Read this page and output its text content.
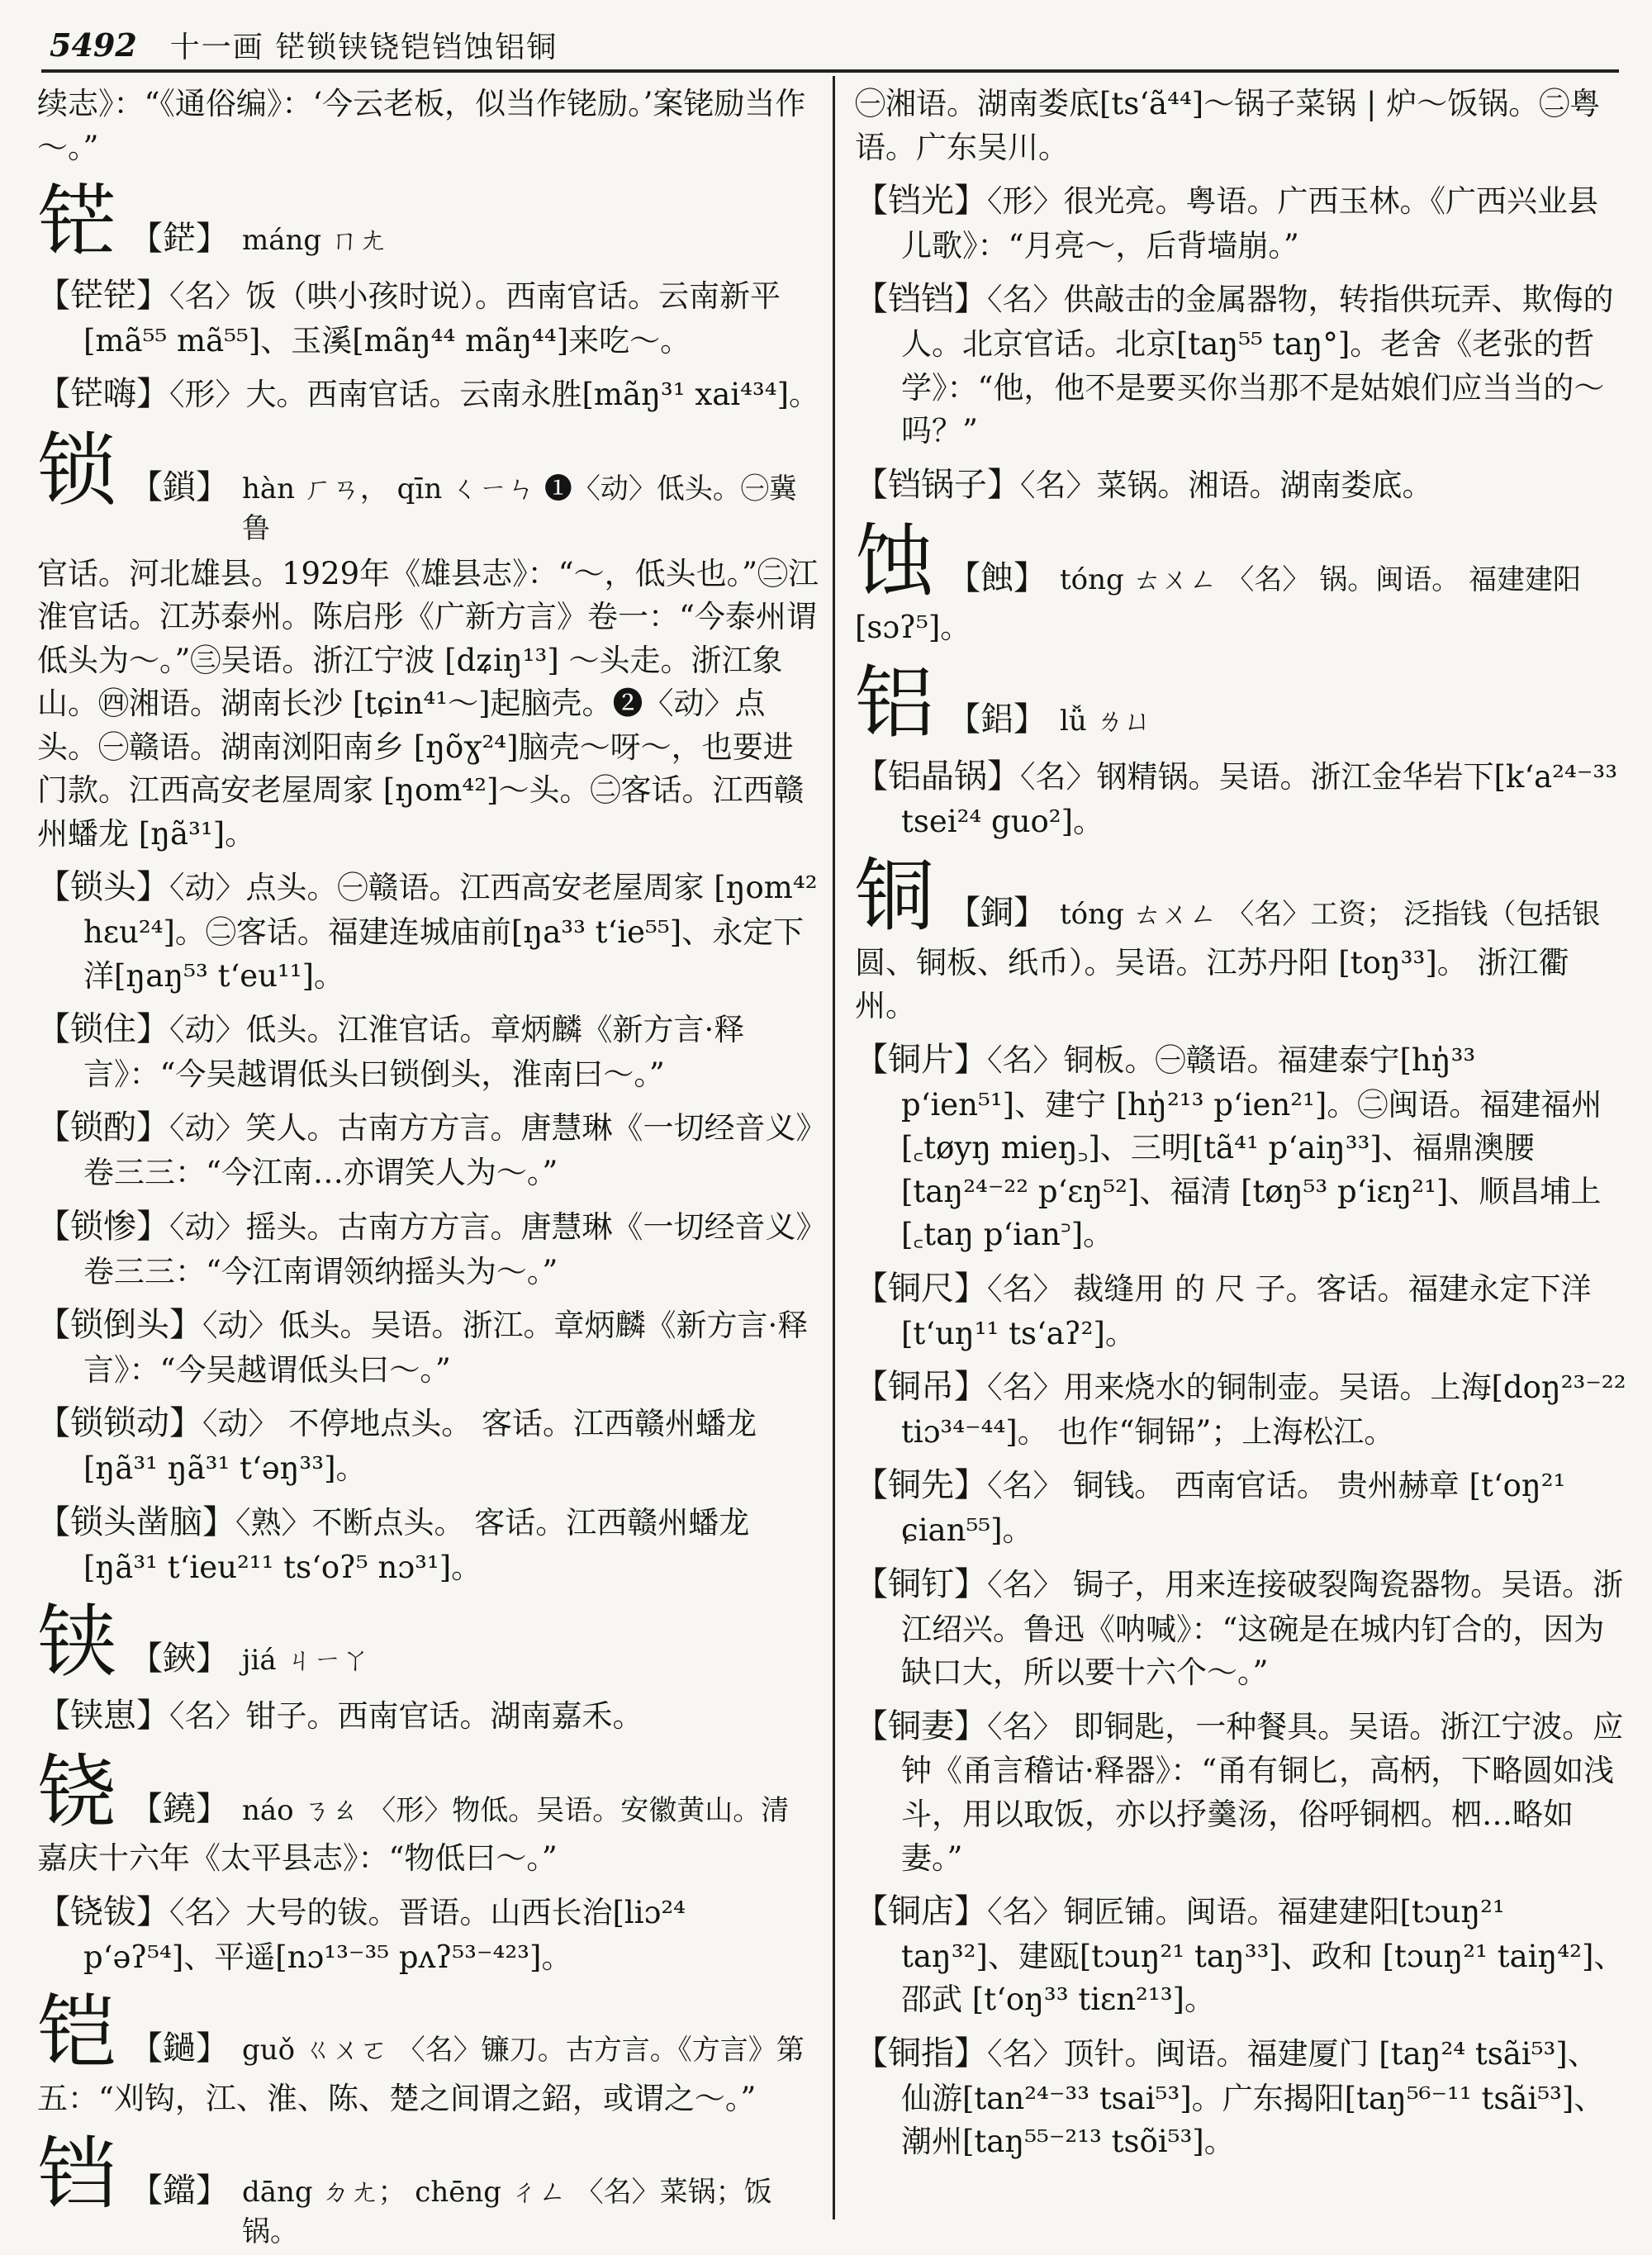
5492 十一画 铓锁铗铙铠铛蚀铝铜

续志》：“《通俗编》：‘今云老板，似当作铑励。’案铑励当作～。”

铓 【鋩】 máng ㄇㄤ

【铓铓】〈名〉饭（哄小孩时说）。西南官话。云南新平[mã⁵⁵ mã⁵⁵]、玉溪[mãŋ⁴⁴ mãŋ⁴⁴]来吃～。

【铓嗨】〈形〉大。西南官话。云南永胜[mãŋ³¹ xai⁴³⁴]。

锁 【鎖】 hàn ㄏㄢ， qīn ㄑㄧㄣ ❶〈动〉低头。㊀冀鲁

官话。河北雄县。1929年《雄县志》：“～，低头也。”㊁江淮官话。江苏泰州。陈启彤《广新方言》卷一：“今泰州谓低头为～。”㊂吴语。浙江宁波 [dʑiŋ¹³] ～头走。浙江象山。㊃湘语。湖南长沙 [tɕin⁴¹～]起脑壳。❷〈动〉点头。㊀赣语。湖南浏阳南乡 [ŋõɣ²⁴]脑壳～呀～，也要进门款。江西高安老屋周家 [ŋom⁴²]～头。㊁客话。江西赣州蟠龙 [ŋã³¹]。

【锁头】〈动〉点头。㊀赣语。江西高安老屋周家 [ŋom⁴² hɛu²⁴]。㊁客话。福建连城庙前[ŋa³³ t‘ie⁵⁵]、永定下洋[ŋaŋ⁵³ t‘eu¹¹]。

【锁住】〈动〉低头。江淮官话。章炳麟《新方言·释言》：“今吴越谓低头曰锁倒头，淮南曰～。”

【锁酌】〈动〉笑人。古南方方言。唐慧琳《一切经音义》卷三三：“今江南…亦谓笑人为～。”

【锁惨】〈动〉摇头。古南方方言。唐慧琳《一切经音义》卷三三：“今江南谓领纳摇头为～。”

【锁倒头】〈动〉低头。吴语。浙江。章炳麟《新方言·释言》：“今吴越谓低头曰～。”

【锁锁动】〈动〉 不停地点头。 客话。江西赣州蟠龙 [ŋã³¹ ŋã³¹ t‘əŋ³³]。

【锁头凿脑】〈熟〉不断点头。 客话。江西赣州蟠龙 [ŋã³¹ t‘ieu²¹¹ ts‘oʔ⁵ nɔ³¹]。

铗 【鋏】 jiá ㄐㄧㄚ

【铗崽】〈名〉钳子。西南官话。湖南嘉禾。

铙 【鐃】 náo ㄋㄠ 〈形〉物低。吴语。安徽黄山。清

嘉庆十六年《太平县志》：“物低曰～。”

【铙钹】〈名〉大号的钹。晋语。山西长治[liɔ²⁴ p‘əʔ⁵⁴]、平遥[nɔ¹³⁻³⁵ pʌʔ⁵³⁻⁴²³]。

铠 【鐹】 guǒ ㄍㄨㄛ 〈名〉镰刀。古方言。《方言》第

五：“刈钩，江、淮、陈、楚之间谓之鉊，或谓之～。”

铛 【鐺】 dāng ㄉㄤ； chēng ㄔㄥ 〈名〉菜锅；饭锅。

㊀湘语。湖南娄底[ts‘ã⁴⁴]～锅子菜锅 | 炉～饭锅。㊁粤语。广东吴川。

【铛光】〈形〉很光亮。粤语。广西玉林。《广西兴业县儿歌》：“月亮～，后背墙崩。”

【铛铛】〈名〉供敲击的金属器物，转指供玩弄、欺侮的人。北京官话。北京[taŋ⁵⁵ taŋ°]。老舍《老张的哲学》：“他，他不是要买你当那不是姑娘们应当当的～吗？”

【铛锅子】〈名〉菜锅。湘语。湖南娄底。

蚀 【蝕】 tóng ㄊㄨㄥ 〈名〉 锅。闽语。 福建建阳

[sɔʔ⁵]。

铝 【鋁】 lǚ ㄌㄩ

【铝晶锅】〈名〉钢精锅。吴语。浙江金华岩下[k‘a²⁴⁻³³ tsei²⁴ guo²]。

铜 【銅】 tóng ㄊㄨㄥ 〈名〉工资； 泛指钱（包括银

圆、铜板、纸币）。吴语。江苏丹阳 [toŋ³³]。 浙江衢州。

【铜片】〈名〉铜板。㊀赣语。福建泰宁[hŋ̍³³ p‘ien⁵¹]、建宁 [hŋ̍²¹³ p‘ien²¹]。㊁闽语。福建福州 [꜀tøyŋ mieŋ꜆]、三明[tã⁴¹ p‘aiŋ³³]、福鼎澳腰 [taŋ²⁴⁻²² p‘ɛŋ⁵²]、福清 [tøŋ⁵³ p‘iɛŋ²¹]、顺昌埔上 [꜀taŋ p‘ian꜄]。

【铜尺】〈名〉 裁缝用 的 尺 子。客话。福建永定下洋[t‘uŋ¹¹ ts‘aʔ²]。

【铜吊】〈名〉用来烧水的铜制壶。吴语。上海[doŋ²³⁻²² tiɔ³⁴⁻⁴⁴]。 也作“铜铞”；上海松江。

【铜先】〈名〉 铜钱。 西南官话。 贵州赫章 [t‘oŋ²¹ ɕian⁵⁵]。

【铜钉】〈名〉 锔子，用来连接破裂陶瓷器物。吴语。浙江绍兴。鲁迅《呐喊》：“这碗是在城内钉合的，因为缺口大，所以要十六个～。”

【铜妻】〈名〉 即铜匙，一种餐具。吴语。浙江宁波。应钟《甬言稽诂·释器》：“甬有铜匕，高柄，下略圆如浅斗，用以取饭，亦以抒羹汤，俗呼铜柶。柶…略如妻。”

【铜店】〈名〉铜匠铺。闽语。福建建阳[tɔuŋ²¹ taŋ³²]、建瓯[tɔuŋ²¹ taŋ³³]、政和 [tɔuŋ²¹ taiŋ⁴²]、邵武 [t‘oŋ³³ tiɛn²¹³]。

【铜指】〈名〉顶针。闽语。福建厦门 [taŋ²⁴ tsãi⁵³]、仙游[tan²⁴⁻³³ tsai⁵³]。广东揭阳[taŋ⁵⁶⁻¹¹ tsãi⁵³]、潮州[taŋ⁵⁵⁻²¹³ tsõi⁵³]。
